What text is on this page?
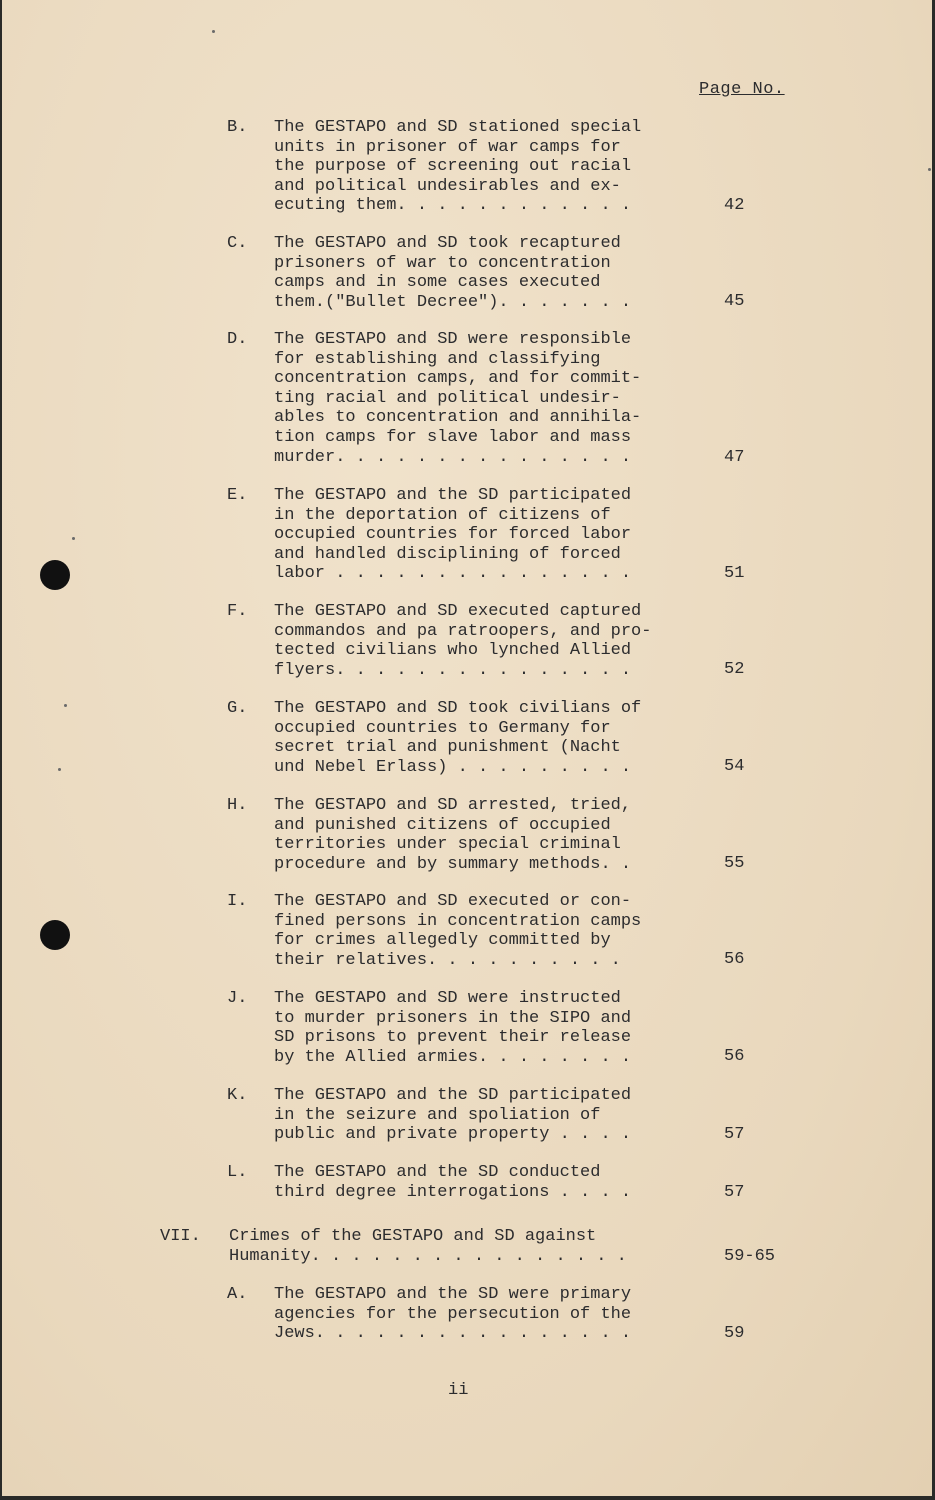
Page No.
B. The GESTAPO and SD stationed special
units in prisoner of war camps for
the purpose of screening out racial
and political undesirables and ex-
ecuting them. . . . . . . . . . . .	42
C. The GESTAPO and SD took recaptured
prisoners of war to concentration
camps and in some cases executed
them.("Bullet Decree"). . . . . . .	45
D. The GESTAPO and SD were responsible
for establishing and classifying
concentration camps, and for commit-
ting racial and political undesir-
ables to concentration and annihila-
tion camps for slave labor and mass
murder. . . . . . . . . . . . . . .	47
E. The GESTAPO and the SD participated
in the deportation of citizens of
occupied countries for forced labor
and handled disciplining of forced
labor . . . . . . . . . . . . . . .	51
F. The GESTAPO and SD executed captured
commandos and pa ratroopers, and pro-
tected civilians who lynched Allied
flyers. . . . . . . . . . . . . . .	52
G. The GESTAPO and SD took civilians of
occupied countries to Germany for
secret trial and punishment (Nacht
und Nebel Erlass) . . . . . . . . .	54
H. The GESTAPO and SD arrested, tried,
and punished citizens of occupied
territories under special criminal
procedure and by summary methods. .	55
I. The GESTAPO and SD executed or con-
fined persons in concentration camps
for crimes allegedly committed by
their relatives. . . . . . . . . .	56
J. The GESTAPO and SD were instructed
to murder prisoners in the SIPO and
SD prisons to prevent their release
by the Allied armies. . . . . . . .	56
K. The GESTAPO and the SD participated
in the seizure and spoliation of
public and private property . . . .	57
L. The GESTAPO and the SD conducted
third degree interrogations . . . .	57
VII. Crimes of the GESTAPO and SD against
Humanity. . . . . . . . . . . . . . . .	59-65
A. The GESTAPO and the SD were primary
agencies for the persecution of the
Jews. . . . . . . . . . . . . . . .	59
ii
